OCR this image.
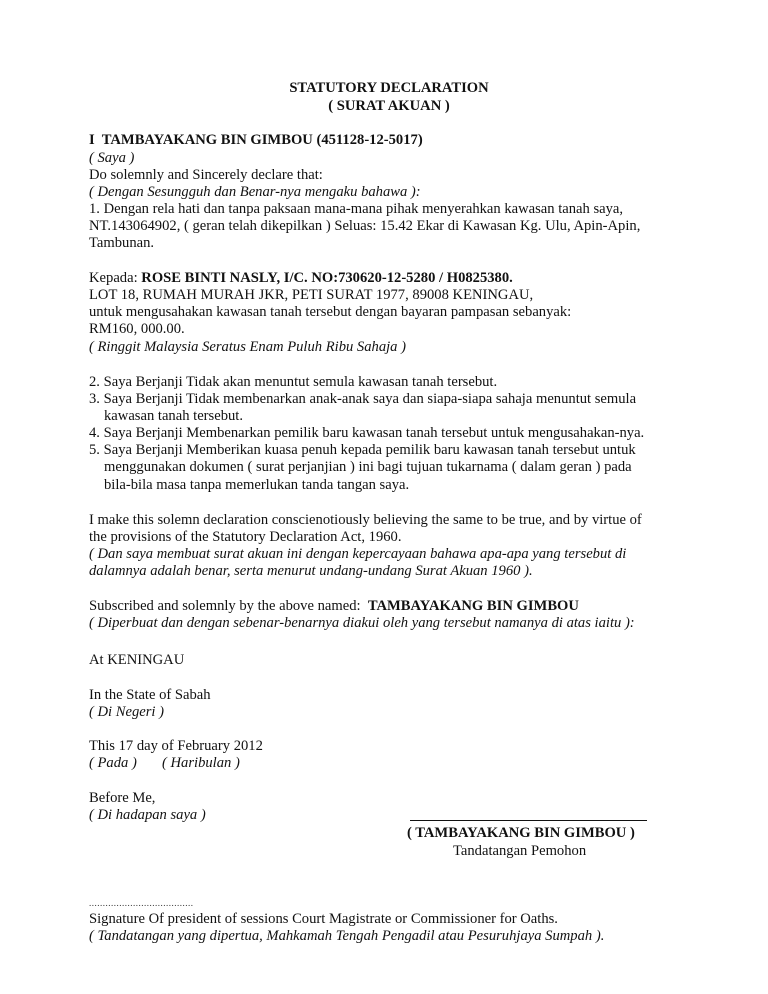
STATUTORY DECLARATION
( SURAT AKUAN )
I TAMBAYAKANG BIN GIMBOU (451128-12-5017)
( Saya )
Do solemnly and Sincerely declare that:
( Dengan Sesungguh dan Benar-nya mengaku bahawa ):
1. Dengan rela hati dan tanpa paksaan mana-mana pihak menyerahkan kawasan tanah saya,
NT.143064902, ( geran telah dikepilkan ) Seluas: 15.42 Ekar di Kawasan Kg. Ulu, Apin-Apin,
Tambunan.
Kepada: ROSE BINTI NASLY, I/C. NO:730620-12-5280 / H0825380.
LOT 18, RUMAH MURAH JKR, PETI SURAT 1977, 89008 KENINGAU,
untuk mengusahakan kawasan tanah tersebut dengan bayaran pampasan sebanyak:
RM160, 000.00.
( Ringgit Malaysia Seratus Enam Puluh Ribu Sahaja )
2. Saya Berjanji Tidak akan menuntut semula kawasan tanah tersebut.
3. Saya Berjanji Tidak membenarkan anak-anak saya dan siapa-siapa sahaja menuntut semula
kawasan tanah tersebut.
4. Saya Berjanji Membenarkan pemilik baru kawasan tanah tersebut untuk mengusahakan-nya.
5. Saya Berjanji Memberikan kuasa penuh kepada pemilik baru kawasan tanah tersebut untuk
menggunakan dokumen ( surat perjanjian ) ini bagi tujuan tukarnama ( dalam geran ) pada
bila-bila masa tanpa memerlukan tanda tangan saya.
I make this solemn declaration conscienotiously believing the same to be true, and by virtue of
the provisions of the Statutory Declaration Act, 1960.
( Dan saya membuat surat akuan ini dengan kepercayaan bahawa apa-apa yang tersebut di
dalamnya adalah benar, serta menurut undang-undang Surat Akuan 1960 ).
Subscribed and solemnly by the above named: TAMBAYAKANG BIN GIMBOU
( Diperbuat dan dengan sebenar-benarnya diakui oleh yang tersebut namanya di atas iaitu ):
At KENINGAU
In the State of Sabah
( Di Negeri )
This 17 day of February 2012
( Pada ) ( Haribulan )
Before Me,
( Di hadapan saya )
( TAMBAYAKANG BIN GIMBOU )
Tandatangan Pemohon
......................................
Signature Of president of sessions Court Magistrate or Commissioner for Oaths.
( Tandatangan yang dipertua, Mahkamah Tengah Pengadil atau Pesuruhjaya Sumpah ).
